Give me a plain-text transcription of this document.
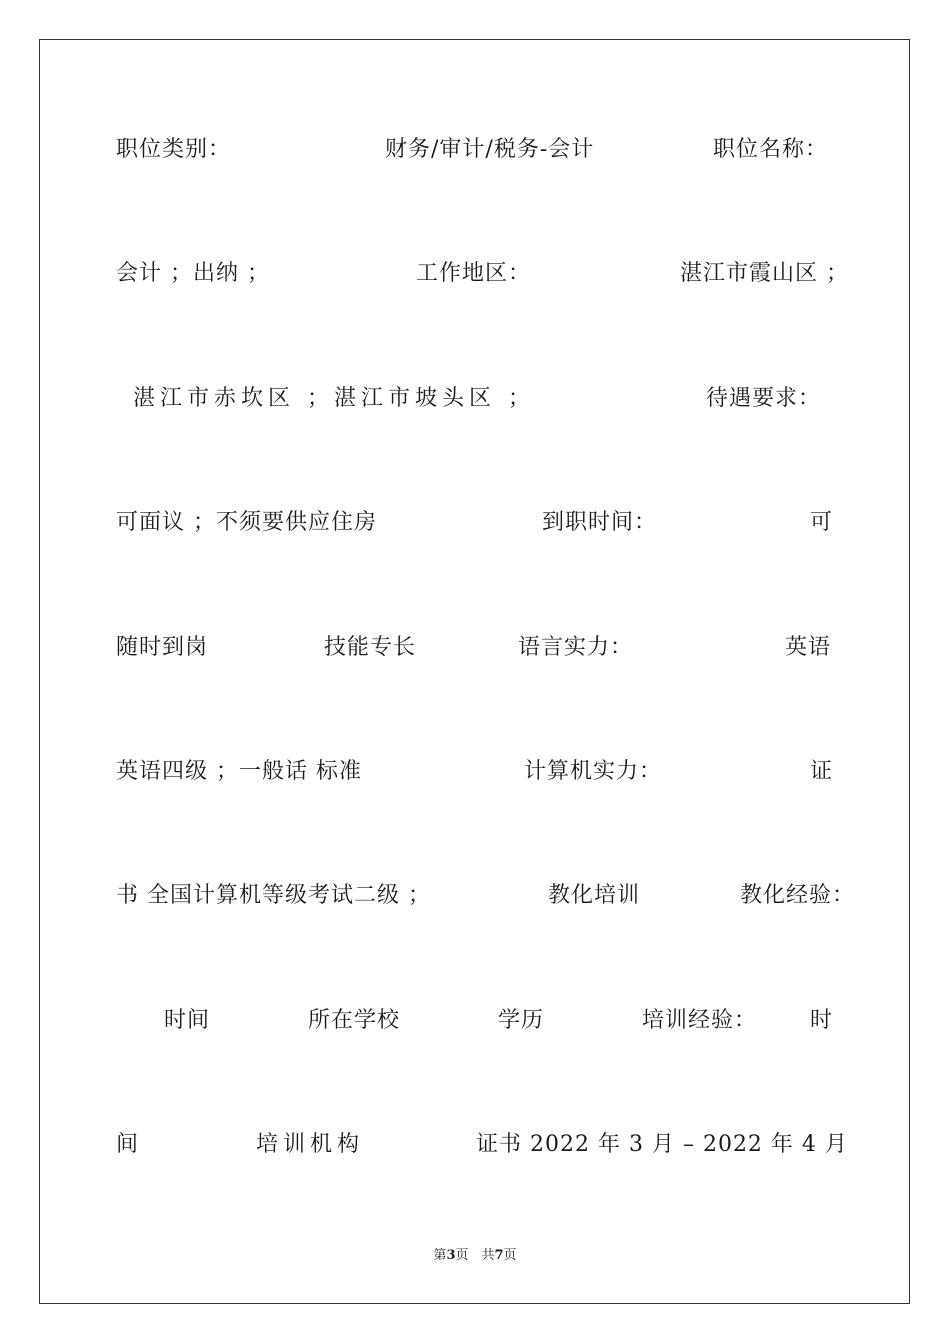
职位类别：	财务/审计/税务-会计	职位名称：
会计 ；出纳 ；	工作地区：	湛江市霞山区 ；
湛江市赤坎区 ；湛江市坡头区 ；	待遇要求：
可面议 ；不须要供应住房	到职时间：	可
随时到岗	技能专长	语言实力：	英语
英语四级 ；一般话 标准	计算机实力：	证
书 全国计算机等级考试二级 ；	教化培训	教化经验：
时间	所在学校	学历	培训经验： 时
间	培训机构	证书 2022 年 3 月 – 2022 年 4 月
第3页　共7页
